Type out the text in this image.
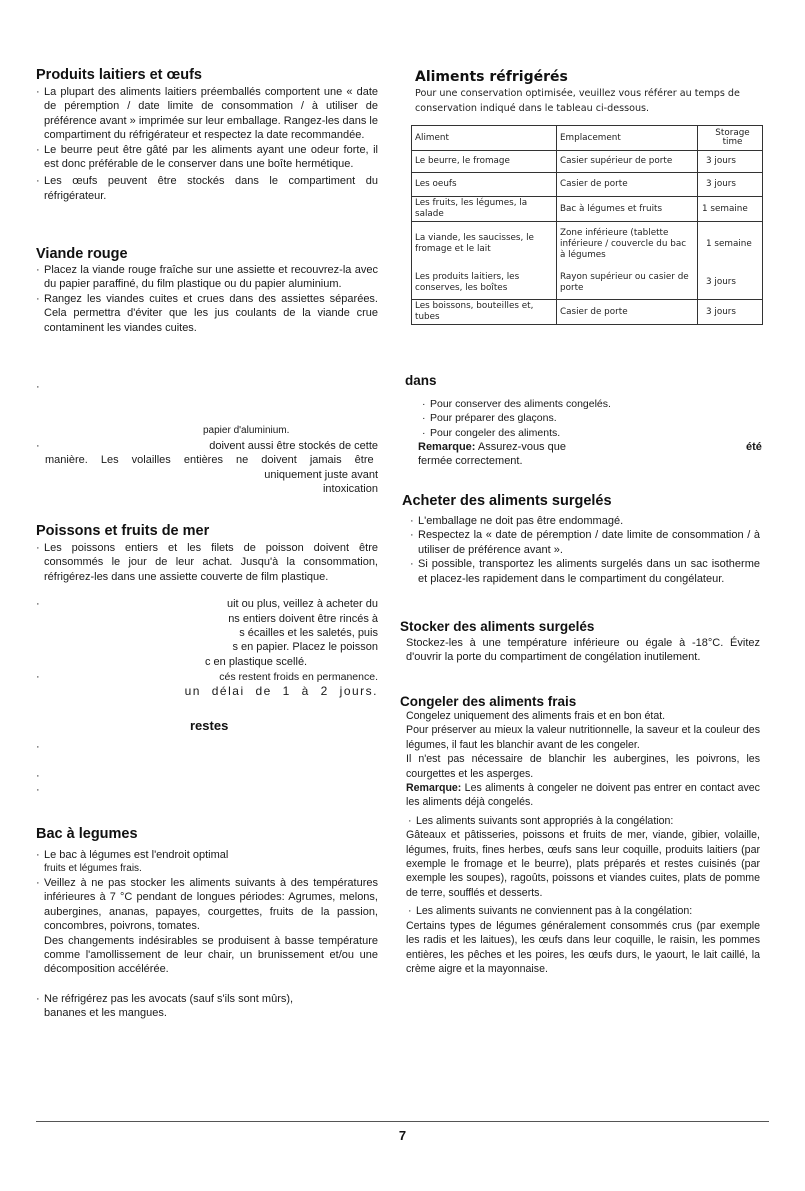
Produits laitiers et œufs
· La plupart des aliments laitiers préemballés comportent une « date de péremption / date limite de consommation / à utiliser de préférence avant » imprimée sur leur emballage. Rangez-les dans le compartiment du réfrigérateur et respectez la date recommandée.
· Le beurre peut être gâté par les aliments ayant une odeur forte, il est donc préférable de le conserver dans une boîte hermétique.
· Les œufs peuvent être stockés dans le compartiment du réfrigérateur.
Viande rouge
· Placez la viande rouge fraîche sur une assiette et recouvrez-la avec du papier paraffiné, du film plastique ou du papier aluminium.
· Rangez les viandes cuites et crues dans des assiettes séparées. Cela permettra d'éviter que les jus coulants de la viande crue contaminent les viandes cuites.
·
papier d'aluminium.
·	doivent aussi être stockés de cette
manière. Les volailles entières ne doivent jamais être
uniquement juste avant
intoxication
Poissons et fruits de mer
· Les poissons entiers et les filets de poisson doivent être consommés le jour de leur achat. Jusqu'à la consommation, réfrigérez-les dans une assiette couverte de film plastique.
·	uit ou plus, veillez à acheter du
ns entiers doivent être rincés à
s écailles et les saletés, puis
s en papier. Placez le poisson
c en plastique scellé.
·	cés restent froids en permanence.
un délai de 1 à 2 jours.
restes
·
·
·
Bac à legumes
· Le bac à légumes est l'endroit optimal
fruits et légumes frais.
· Veillez à ne pas stocker les aliments suivants à des températures inférieures à 7 °C pendant de longues périodes: Agrumes, melons, aubergines, ananas, papayes, courgettes, fruits de la passion, concombres, poivrons, tomates.
Des changements indésirables se produisent à basse température comme l'amollissement de leur chair, un brunissement et/ou une décomposition accélérée.
· Ne réfrigérez pas les avocats (sauf s'ils sont mûrs),
bananes et les mangues.
Aliments réfrigérés
Pour une conservation optimisée, veuillez vous référer au temps de conservation indiqué dans le tableau ci-dessous.
Aliment	Emplacement	Storage time
Le beurre, le fromage	Casier supérieur de porte	3 jours
Les oeufs	Casier de porte	3 jours
Les fruits, les légumes, la salade	Bac à légumes et fruits	1 semaine
La viande, les saucisses, le fromage et le lait	Zone inférieure (tablette inférieure / couvercle du bac à légumes	1 semaine
Les produits laitiers, les conserves, les boîtes	Rayon supérieur ou casier de porte	3 jours
Les boissons, bouteilles et, tubes	Casier de porte	3 jours
dans
· Pour conserver des aliments congelés.
· Pour préparer des glaçons.
· Pour congeler des aliments.
Remarque: Assurez-vous que	été
fermée correctement.
Acheter des aliments surgelés
· L'emballage ne doit pas être endommagé.
· Respectez la « date de péremption / date limite de consommation / à utiliser de préférence avant ».
· Si possible, transportez les aliments surgelés dans un sac isotherme et placez-les rapidement dans le compartiment du congélateur.
Stocker des aliments surgelés
Stockez-les à une température inférieure ou égale à -18°C. Évitez d'ouvrir la porte du compartiment de congélation inutilement.
Congeler des aliments frais
Congelez uniquement des aliments frais et en bon état.
Pour préserver au mieux la valeur nutritionnelle, la saveur et la couleur des légumes, il faut les blanchir avant de les congeler.
Il n'est pas nécessaire de blanchir les aubergines, les poivrons, les courgettes et les asperges.
Remarque: Les aliments à congeler ne doivent pas entrer en contact avec les aliments déjà congelés.
· Les aliments suivants sont appropriés à la congélation:
Gâteaux et pâtisseries, poissons et fruits de mer, viande, gibier, volaille, légumes, fruits, fines herbes, œufs sans leur coquille, produits laitiers (par exemple le fromage et le beurre), plats préparés et restes cuisinés (par exemple les soupes), ragoûts, poissons et viandes cuites, plats de pomme de terre, soufflés et desserts.
· Les aliments suivants ne conviennent pas à la congélation:
Certains types de légumes généralement consommés crus (par exemple les radis et les laitues), les œufs dans leur coquille, le raisin, les pommes entières, les pêches et les poires, les œufs durs, le yaourt, le lait caillé, la crème aigre et la mayonnaise.
7
